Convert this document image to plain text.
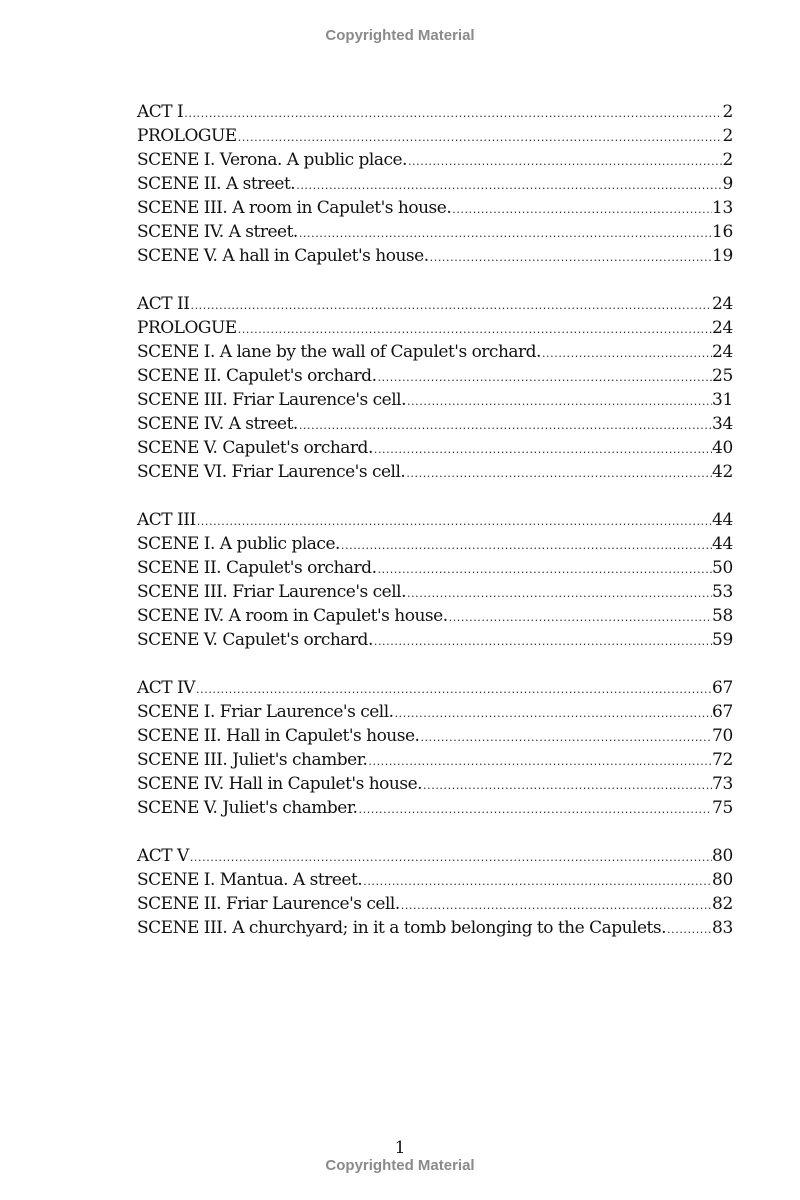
Copyrighted Material
ACT I .....	2
PROLOGUE .....	2
SCENE I. Verona. A public place. .....	2
SCENE II. A street. .....	9
SCENE III. A room in Capulet's house. .....	13
SCENE IV. A street. .....	16
SCENE V. A hall in Capulet's house. .....	19
ACT II .....	24
PROLOGUE .....	24
SCENE I. A lane by the wall of Capulet's orchard. .....	24
SCENE II. Capulet's orchard. .....	25
SCENE III. Friar Laurence's cell. .....	31
SCENE IV. A street. .....	34
SCENE V. Capulet's orchard. .....	40
SCENE VI. Friar Laurence's cell. .....	42
ACT III .....	44
SCENE I. A public place. .....	44
SCENE II. Capulet's orchard. .....	50
SCENE III. Friar Laurence's cell. .....	53
SCENE IV. A room in Capulet's house. .....	58
SCENE V. Capulet's orchard. .....	59
ACT IV .....	67
SCENE I. Friar Laurence's cell. .....	67
SCENE II. Hall in Capulet's house. .....	70
SCENE III. Juliet's chamber. .....	72
SCENE IV. Hall in Capulet's house. .....	73
SCENE V. Juliet's chamber. .....	75
ACT V .....	80
SCENE I. Mantua. A street. .....	80
SCENE II. Friar Laurence's cell. .....	82
SCENE III. A churchyard; in it a tomb belonging to the Capulets. .....	83
1
Copyrighted Material
